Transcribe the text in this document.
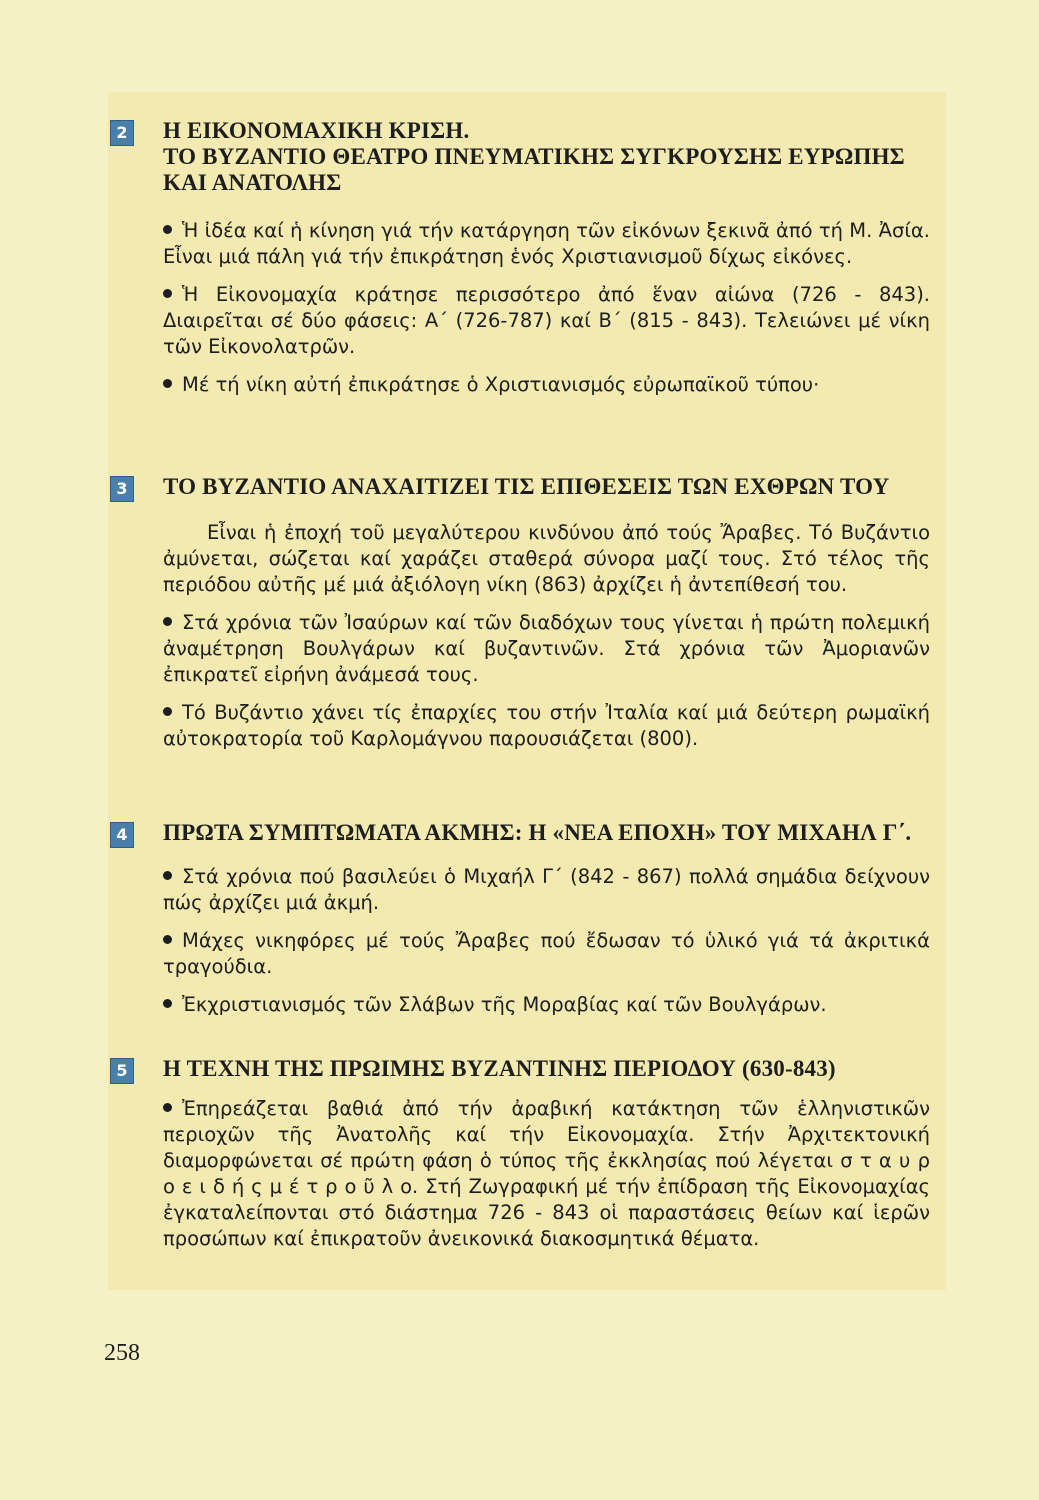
2 Η ΕΙΚΟΝΟΜΑΧΙΚΗ ΚΡΙΣΗ.
ΤΟ ΒΥΖΑΝΤΙΟ ΘΕΑΤΡΟ ΠΝΕΥΜΑΤΙΚΗΣ ΣΥΓΚΡΟΥΣΗΣ ΕΥΡΩΠΗΣ
ΚΑΙ ΑΝΑΤΟΛΗΣ

Ἡ ἰδέα καί ἡ κίνηση γιά τήν κατάργηση τῶν εἰκόνων ξεκινᾶ ἀπό τή Μ. Ἀσία. Εἶναι μιά πάλη γιά τήν ἐπικράτηση ἑνός Χριστιανισμοῦ δίχως εἰκόνες.

Ἡ Εἰκονομαχία κράτησε περισσότερο ἀπό ἕναν αἰώνα (726 - 843). Διαιρεῖται σέ δύο φάσεις: Α΄ (726-787) καί Β΄ (815 - 843). Τελειώνει μέ νίκη τῶν Εἰκονολατρῶν.

Μέ τή νίκη αὐτή ἐπικράτησε ὁ Χριστιανισμός εὐρωπαϊκοῦ τύπου·

3 ΤΟ ΒΥΖΑΝΤΙΟ ΑΝΑΧΑΙΤΙΖΕΙ ΤΙΣ ΕΠΙΘΕΣΕΙΣ ΤΩΝ ΕΧΘΡΩΝ ΤΟΥ

Εἶναι ἡ ἐποχή τοῦ μεγαλύτερου κινδύνου ἀπό τούς Ἄραβες. Τό Βυζάντιο ἀμύνεται, σώζεται καί χαράζει σταθερά σύνορα μαζί τους. Στό τέλος τῆς περιόδου αὐτῆς μέ μιά ἀξιόλογη νίκη (863) ἀρχίζει ἡ ἀντεπίθεσή του.

Στά χρόνια τῶν Ἰσαύρων καί τῶν διαδόχων τους γίνεται ἡ πρώτη πολεμική ἀναμέτρηση Βουλγάρων καί βυζαντινῶν. Στά χρόνια τῶν Ἀμοριανῶν ἐπικρατεῖ εἰρήνη ἀνάμεσά τους.

Τό Βυζάντιο χάνει τίς ἐπαρχίες του στήν Ἰταλία καί μιά δεύτερη ρωμαϊκή αὐτοκρατορία τοῦ Καρλομάγνου παρουσιάζεται (800).

4 ΠΡΩΤΑ ΣΥΜΠΤΩΜΑΤΑ ΑΚΜΗΣ: Η «ΝΕΑ ΕΠΟΧΗ» ΤΟΥ ΜΙΧΑΗΛ Γ΄.

Στά χρόνια πού βασιλεύει ὁ Μιχαήλ Γ΄ (842 - 867) πολλά σημάδια δείχνουν πώς ἀρχίζει μιά ἀκμή.

Μάχες νικηφόρες μέ τούς Ἄραβες πού ἔδωσαν τό ὑλικό γιά τά ἀκριτικά τραγούδια.

Ἐκχριστιανισμός τῶν Σλάβων τῆς Μοραβίας καί τῶν Βουλγάρων.

5 Η ΤΕΧΝΗ ΤΗΣ ΠΡΩΙΜΗΣ ΒΥΖΑΝΤΙΝΗΣ ΠΕΡΙΟΔΟΥ (630-843)

Ἐπηρεάζεται βαθιά ἀπό τήν ἀραβική κατάκτηση τῶν ἑλληνιστικῶν περιοχῶν τῆς Ἀνατολῆς καί τήν Εἰκονομαχία. Στήν Ἀρχιτεκτονική διαμορφώνεται σέ πρώτη φάση ὁ τύπος τῆς ἐκκλησίας πού λέγεται σ τ α υ ρ ο ε ι δ ή ς μ έ τ ρ ο ῦ λ ο. Στή Ζωγραφική μέ τήν ἐπίδραση τῆς Εἰκονομαχίας ἐγκαταλείπονται στό διάστημα 726 - 843 οἱ παραστάσεις θείων καί ἱερῶν προσώπων καί ἐπικρατοῦν ἀνεικονικά διακοσμητικά θέματα.

258
